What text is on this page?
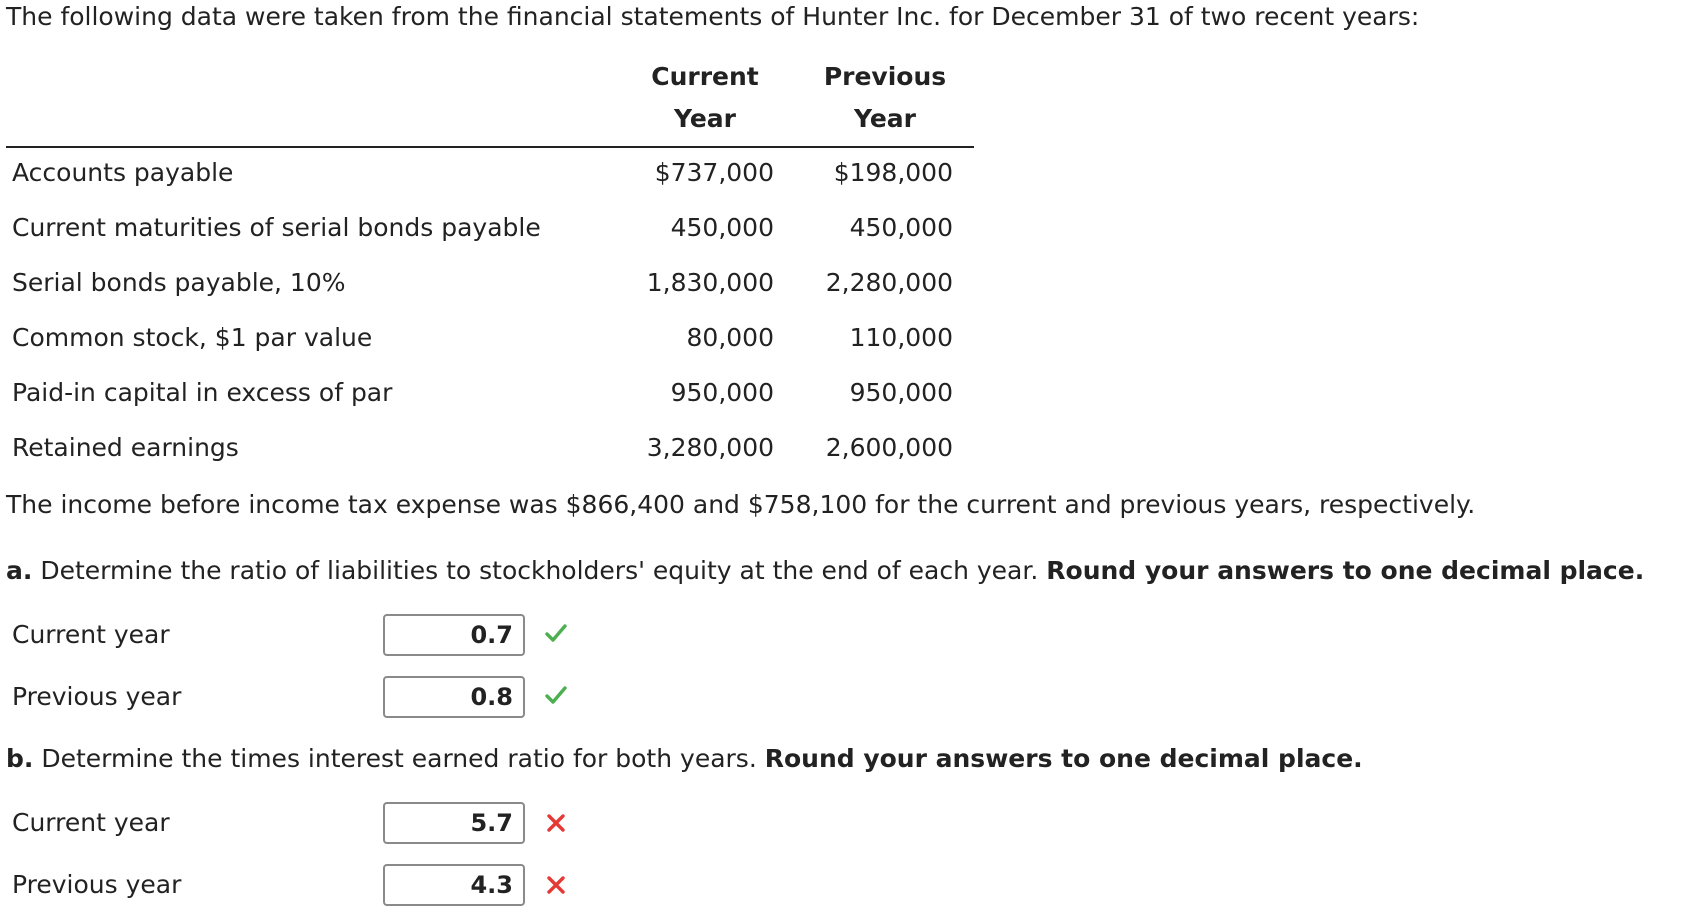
The following data were taken from the financial statements of Hunter Inc. for December 31 of two recent years:
Current
Year
Previous
Year
Accounts payable	$737,000 $198,000
Current maturities of serial bonds payable	450,000	450,000
Serial bonds payable, 10%	1,830,000 2,280,000
Common stock, $1 par value	80,000	110,000
Paid-in capital in excess of par	950,000	950,000
Retained earnings	3,280,000 2,600,000
The income before income tax expense was $866,400 and $758,100 for the current and previous years, respectively.
a. Determine the ratio of liabilities to stockholders' equity at the end of each year. Round your answers to one decimal place.
Current year	0.7
Previous year	0.8
b. Determine the times interest earned ratio for both years. Round your answers to one decimal place.
Current year	5.7
Previous year	4.3
